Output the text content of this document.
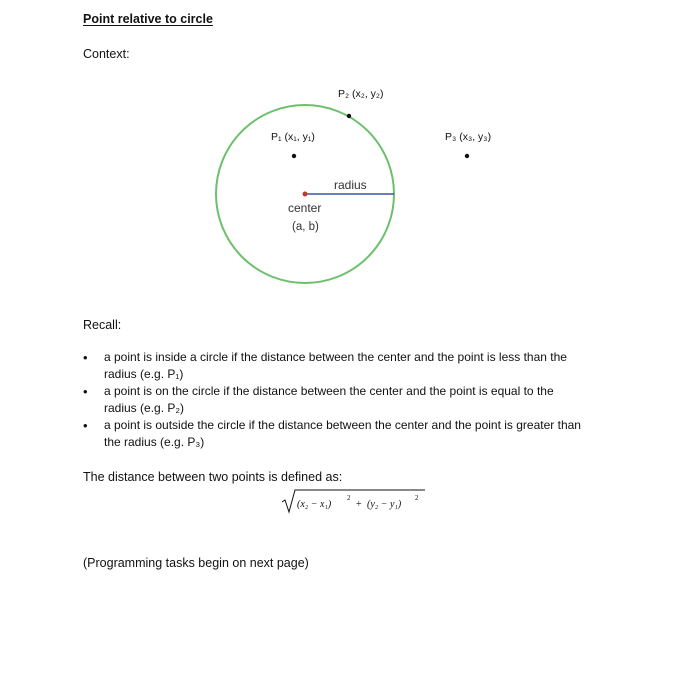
Point relative to circle
Context:
P₂ (x₂, y₂)
P₁ (x₁, y₁)	P₃ (x₃, y₃)
radius
center
(a, b)
Recall:
• a point is inside a circle if the distance between the center and the point is less than the
radius (e.g. P₁)
• a point is on the circle if the distance between the center and the point is equal to the
radius (e.g. P₂)
• a point is outside the circle if the distance between the center and the point is greater than
the radius (e.g. P₃)
The distance between two points is defined as:
(x₂ − x₁)
2
+ (y₂ − y₁)
2
(Programming tasks begin on next page)
